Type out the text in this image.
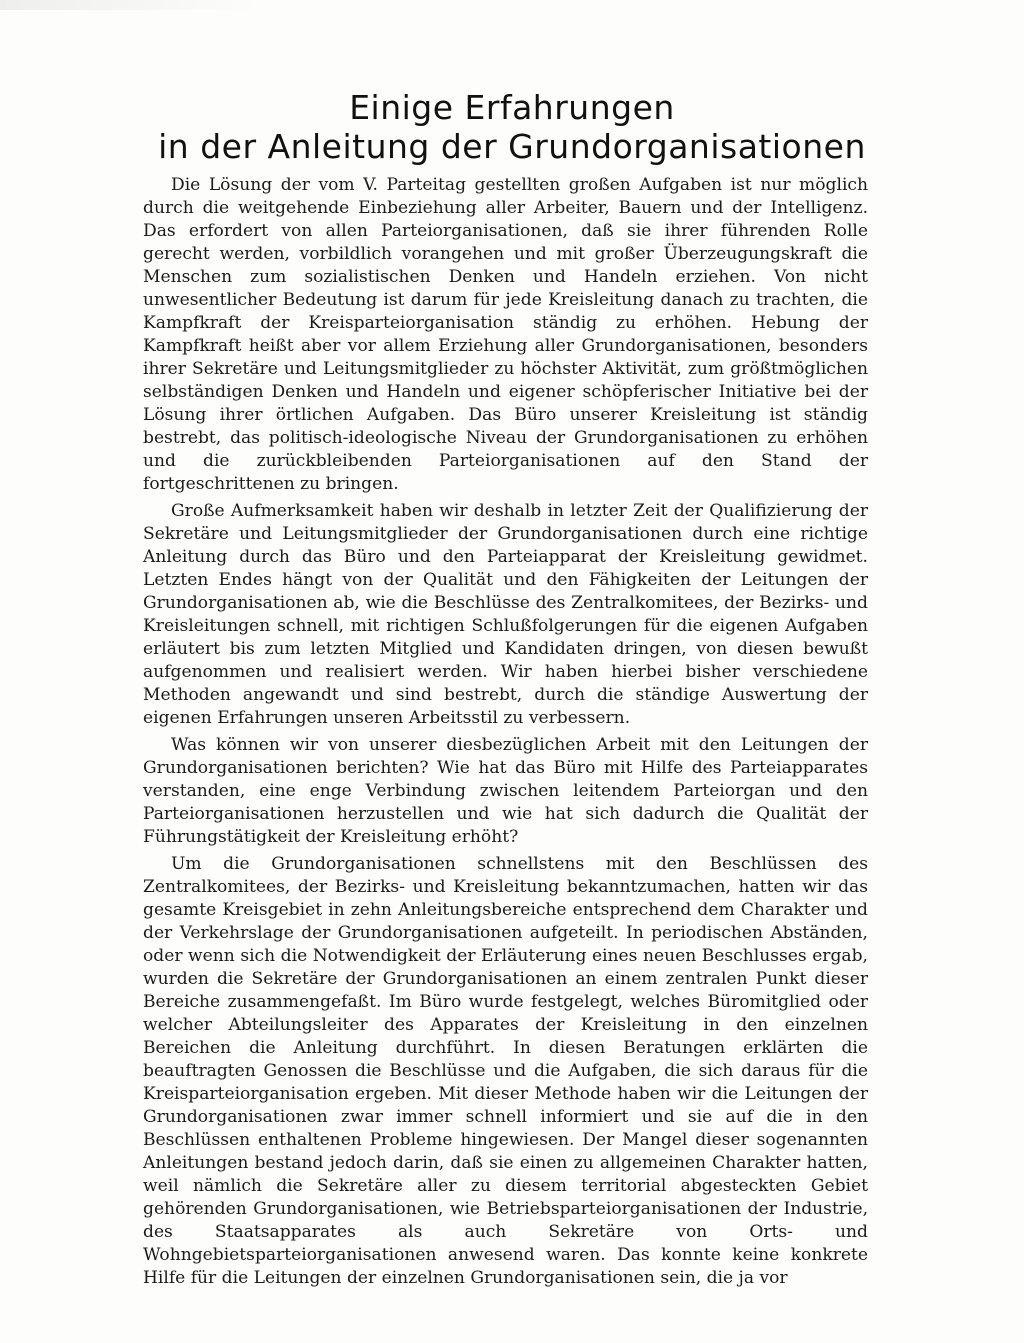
Einige Erfahrungen
in der Anleitung der Grundorganisationen

Die Lösung der vom V. Parteitag gestellten großen Aufgaben ist nur möglich durch die weitgehende Einbeziehung aller Arbeiter, Bauern und der Intelligenz. Das erfordert von allen Parteiorganisationen, daß sie ihrer führenden Rolle gerecht werden, vorbildlich vorangehen und mit großer Überzeugungskraft die Menschen zum sozialistischen Denken und Handeln erziehen. Von nicht unwesentlicher Bedeutung ist darum für jede Kreisleitung danach zu trachten, die Kampfkraft der Kreisparteiorganisation ständig zu erhöhen. Hebung der Kampfkraft heißt aber vor allem Erziehung aller Grundorganisationen, besonders ihrer Sekretäre und Leitungsmitglieder zu höchster Aktivität, zum größtmöglichen selbständigen Denken und Handeln und eigener schöpferischer Initiative bei der Lösung ihrer örtlichen Aufgaben. Das Büro unserer Kreisleitung ist ständig bestrebt, das politisch-ideologische Niveau der Grundorganisationen zu erhöhen und die zurückbleibenden Parteiorganisationen auf den Stand der fortgeschrittenen zu bringen.

Große Aufmerksamkeit haben wir deshalb in letzter Zeit der Qualifizierung der Sekretäre und Leitungsmitglieder der Grundorganisationen durch eine richtige Anleitung durch das Büro und den Parteiapparat der Kreisleitung gewidmet. Letzten Endes hängt von der Qualität und den Fähigkeiten der Leitungen der Grundorganisationen ab, wie die Beschlüsse des Zentralkomitees, der Bezirks- und Kreisleitungen schnell, mit richtigen Schlußfolgerungen für die eigenen Aufgaben erläutert bis zum letzten Mitglied und Kandidaten dringen, von diesen bewußt aufgenommen und realisiert werden. Wir haben hierbei bisher verschiedene Methoden angewandt und sind bestrebt, durch die ständige Auswertung der eigenen Erfahrungen unseren Arbeitsstil zu verbessern.

Was können wir von unserer diesbezüglichen Arbeit mit den Leitungen der Grundorganisationen berichten? Wie hat das Büro mit Hilfe des Parteiapparates verstanden, eine enge Verbindung zwischen leitendem Parteiorgan und den Parteiorganisationen herzustellen und wie hat sich dadurch die Qualität der Führungstätigkeit der Kreisleitung erhöht?

Um die Grundorganisationen schnellstens mit den Beschlüssen des Zentralkomitees, der Bezirks- und Kreisleitung bekanntzumachen, hatten wir das gesamte Kreisgebiet in zehn Anleitungsbereiche entsprechend dem Charakter und der Verkehrslage der Grundorganisationen aufgeteilt. In periodischen Abständen, oder wenn sich die Notwendigkeit der Erläuterung eines neuen Beschlusses ergab, wurden die Sekretäre der Grundorganisationen an einem zentralen Punkt dieser Bereiche zusammengefaßt. Im Büro wurde festgelegt, welches Büromitglied oder welcher Abteilungsleiter des Apparates der Kreisleitung in den einzelnen Bereichen die Anleitung durchführt. In diesen Beratungen erklärten die beauftragten Genossen die Beschlüsse und die Aufgaben, die sich daraus für die Kreisparteiorganisation ergeben. Mit dieser Methode haben wir die Leitungen der Grundorganisationen zwar immer schnell informiert und sie auf die in den Beschlüssen enthaltenen Probleme hingewiesen. Der Mangel dieser sogenannten Anleitungen bestand jedoch darin, daß sie einen zu allgemeinen Charakter hatten, weil nämlich die Sekretäre aller zu diesem territorial abgesteckten Gebiet gehörenden Grundorganisationen, wie Betriebsparteiorganisationen der Industrie, des Staatsapparates als auch Sekretäre von Orts- und Wohngebietsparteiorganisationen anwesend waren. Das konnte keine konkrete Hilfe für die Leitungen der einzelnen Grundorganisationen sein, die ja vor
